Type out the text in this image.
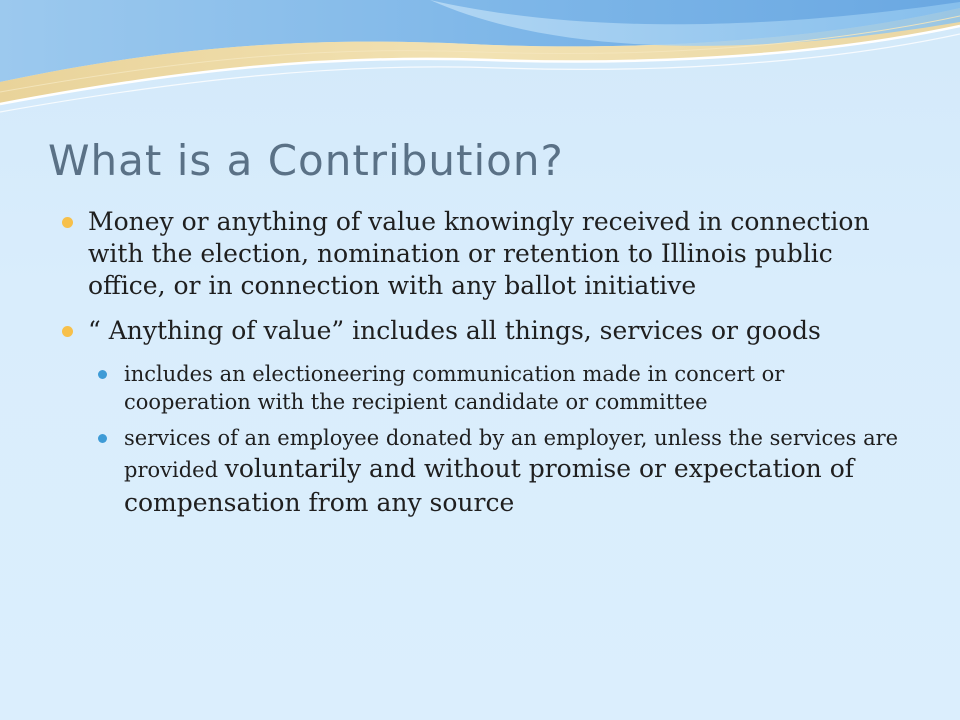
What is a Contribution?
Money or anything of value knowingly received in connection with the election, nomination or retention to Illinois public office, or in connection with any ballot initiative
“ Anything of value” includes all things, services or goods
includes an electioneering communication made in concert or cooperation with the recipient candidate or committee
services of an employee donated by an employer, unless the services are provided voluntarily and without promise or expectation of compensation from any source
